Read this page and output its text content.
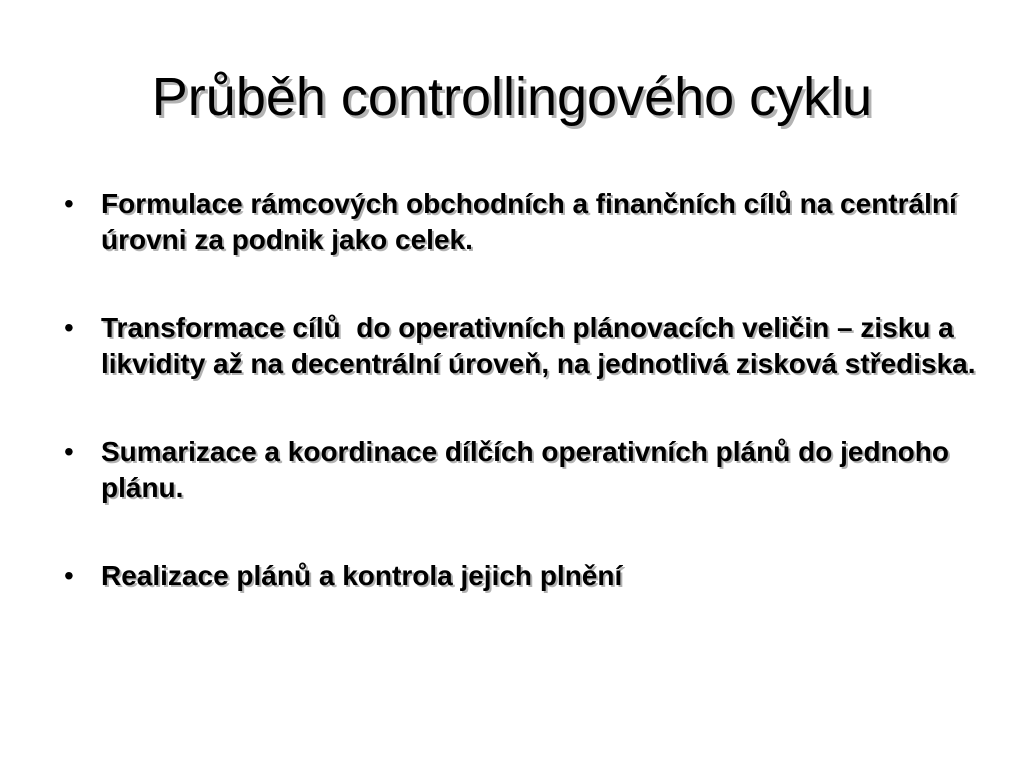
Průběh controllingového cyklu
• Formulace rámcových obchodních a finančních cílů na centrální úrovni za podnik jako celek.
• Transformace cílů  do operativních plánovacích veličin – zisku a likvidity až na decentrální úroveň, na jednotlivá zisková střediska.
• Sumarizace a koordinace dílčích operativních plánů do jednoho plánu.
• Realizace plánů a kontrola jejich plnění
